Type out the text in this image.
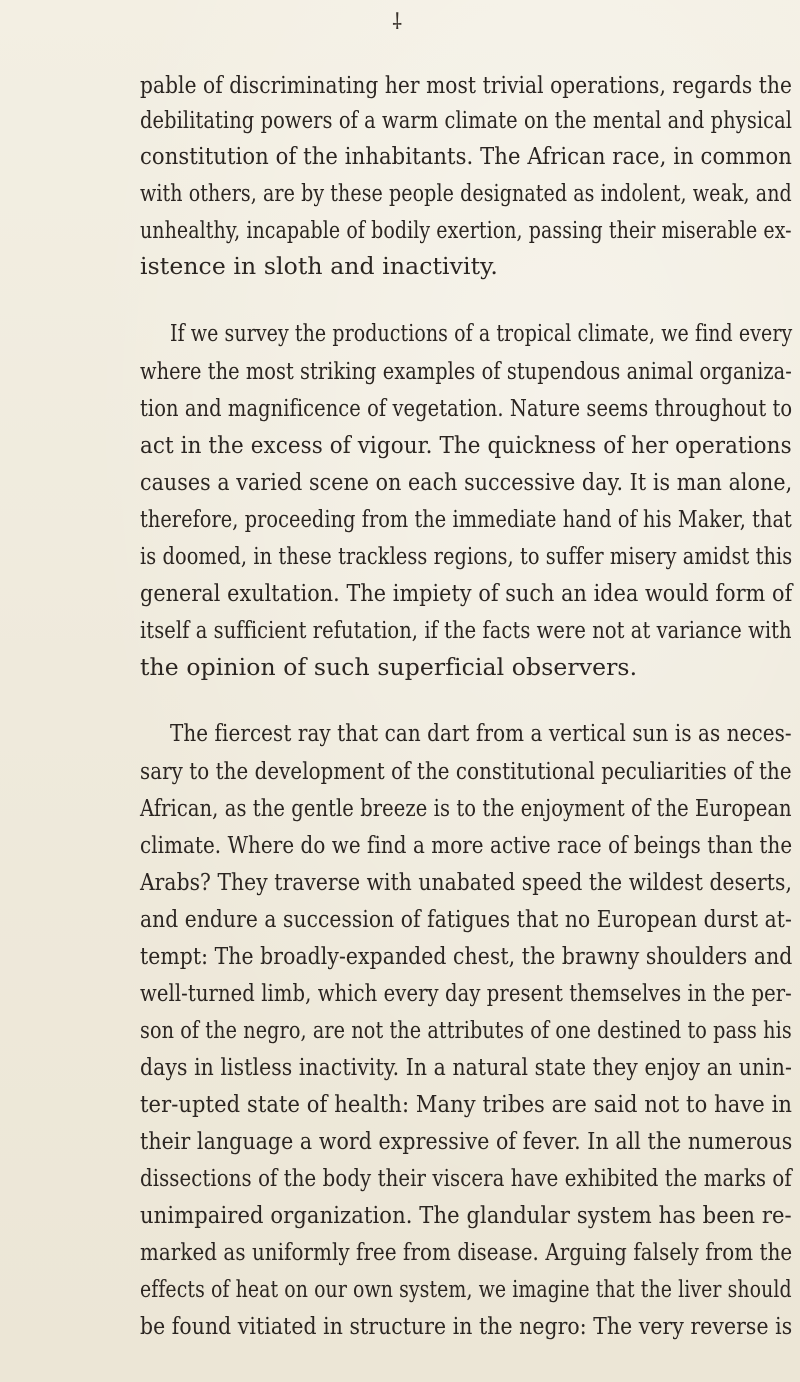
⸸
pable of discriminating her most trivial operations, regards the
debilitating powers of a warm climate on the mental and physical
constitution of the inhabitants. The African race, in common
with others, are by these people designated as indolent, weak, and
unhealthy, incapable of bodily exertion, passing their miserable ex-
istence in sloth and inactivity.
If we survey the productions of a tropical climate, we find every
where the most striking examples of stupendous animal organiza-
tion and magnificence of vegetation. Nature seems throughout to
act in the excess of vigour. The quickness of her operations
causes a varied scene on each successive day. It is man alone,
therefore, proceeding from the immediate hand of his Maker, that
is doomed, in these trackless regions, to suffer misery amidst this
general exultation. The impiety of such an idea would form of
itself a sufficient refutation, if the facts were not at variance with
the opinion of such superficial observers.
The fiercest ray that can dart from a vertical sun is as neces-
sary to the development of the constitutional peculiarities of the
African, as the gentle breeze is to the enjoyment of the European
climate. Where do we find a more active race of beings than the
Arabs? They traverse with unabated speed the wildest deserts,
and endure a succession of fatigues that no European durst at-
tempt: The broadly-expanded chest, the brawny shoulders and
well-turned limb, which every day present themselves in the per-
son of the negro, are not the attributes of one destined to pass his
days in listless inactivity. In a natural state they enjoy an unin-
ter-upted state of health: Many tribes are said not to have in
their language a word expressive of fever. In all the numerous
dissections of the body their viscera have exhibited the marks of
unimpaired organization. The glandular system has been re-
marked as uniformly free from disease. Arguing falsely from the
effects of heat on our own system, we imagine that the liver should
be found vitiated in structure in the negro: The very reverse is
